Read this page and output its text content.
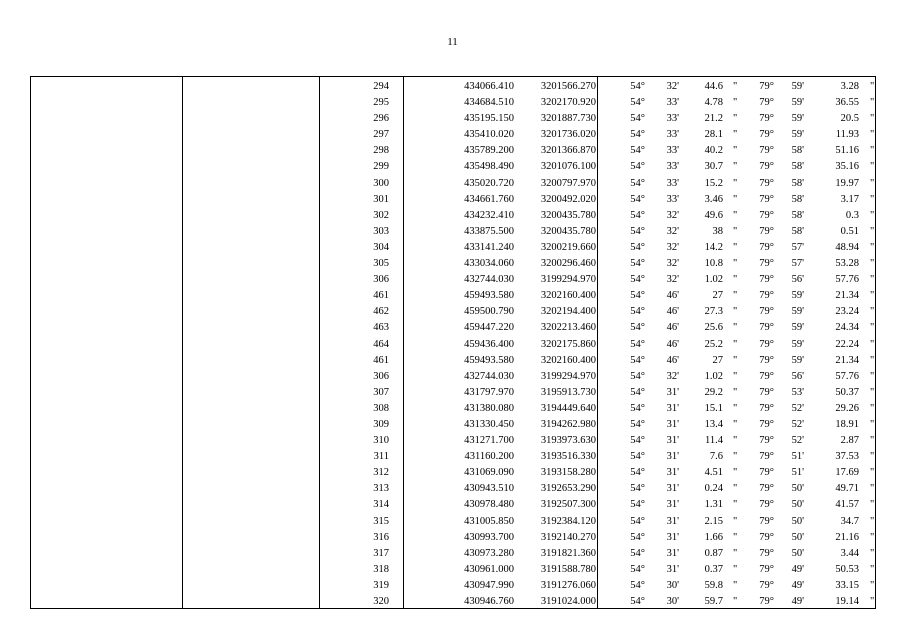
11
294	434066.410	3201566.270	54°	32'	44.6 "	79°	59'	3.28 "
295	434684.510	3202170.920	54°	33'	4.78 "	79°	59'	36.55 "
296	435195.150	3201887.730	54°	33'	21.2 "	79°	59'	20.5 "
297	435410.020	3201736.020	54°	33'	28.1 "	79°	59'	11.93 "
298	435789.200	3201366.870	54°	33'	40.2 "	79°	58'	51.16 "
299	435498.490	3201076.100	54°	33'	30.7 "	79°	58'	35.16 "
300	435020.720	3200797.970	54°	33'	15.2 "	79°	58'	19.97 "
301	434661.760	3200492.020	54°	33'	3.46 "	79°	58'	3.17 "
302	434232.410	3200435.780	54°	32'	49.6 "	79°	58'	0.3 "
303	433875.500	3200435.780	54°	32'	38 "	79°	58'	0.51 "
304	433141.240	3200219.660	54°	32'	14.2 "	79°	57'	48.94 "
305	433034.060	3200296.460	54°	32'	10.8 "	79°	57'	53.28 "
306	432744.030	3199294.970	54°	32'	1.02 "	79°	56'	57.76 "
461	459493.580	3202160.400	54°	46'	27 "	79°	59'	21.34 "
462	459500.790	3202194.400	54°	46'	27.3 "	79°	59'	23.24 "
463	459447.220	3202213.460	54°	46'	25.6 "	79°	59'	24.34 "
464	459436.400	3202175.860	54°	46'	25.2 "	79°	59'	22.24 "
461	459493.580	3202160.400	54°	46'	27 "	79°	59'	21.34 "
306	432744.030	3199294.970	54°	32'	1.02 "	79°	56'	57.76 "
307	431797.970	3195913.730	54°	31'	29.2 "	79°	53'	50.37 "
308	431380.080	3194449.640	54°	31'	15.1 "	79°	52'	29.26 "
309	431330.450	3194262.980	54°	31'	13.4 "	79°	52'	18.91 "
310	431271.700	3193973.630	54°	31'	11.4 "	79°	52'	2.87 "
311	431160.200	3193516.330	54°	31'	7.6 "	79°	51'	37.53 "
312	431069.090	3193158.280	54°	31'	4.51 "	79°	51'	17.69 "
313	430943.510	3192653.290	54°	31'	0.24 "	79°	50'	49.71 "
314	430978.480	3192507.300	54°	31'	1.31 "	79°	50'	41.57 "
315	431005.850	3192384.120	54°	31'	2.15 "	79°	50'	34.7 "
316	430993.700	3192140.270	54°	31'	1.66 "	79°	50'	21.16 "
317	430973.280	3191821.360	54°	31'	0.87 "	79°	50'	3.44 "
318	430961.000	3191588.780	54°	31'	0.37 "	79°	49'	50.53 "
319	430947.990	3191276.060	54°	30'	59.8 "	79°	49'	33.15 "
320	430946.760	3191024.000	54°	30'	59.7 "	79°	49'	19.14 "
